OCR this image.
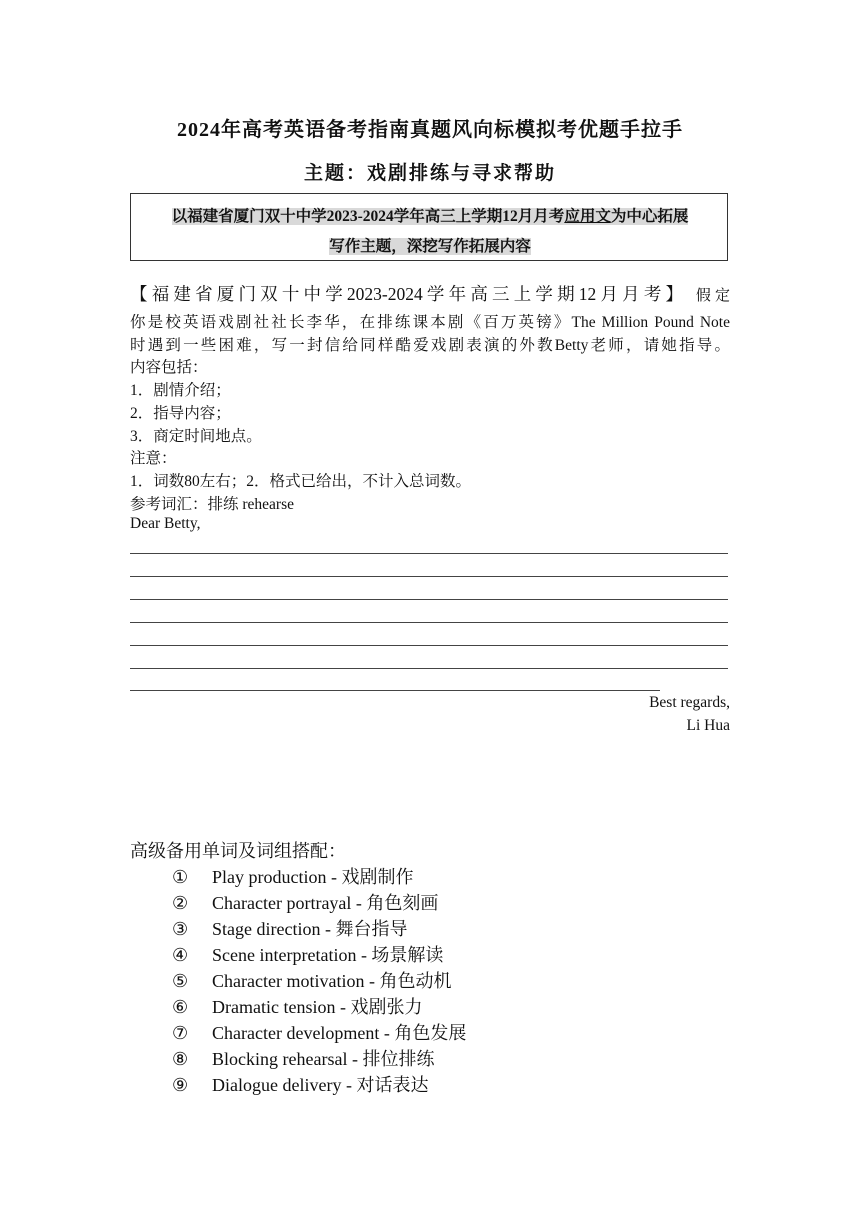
2024年高考英语备考指南真题风向标模拟考优题手拉手
主题：戏剧排练与寻求帮助
以福建省厦门双十中学2023-2024学年高三上学期12月月考应用文为中心拓展
写作主题，深挖写作拓展内容
【福建省厦门双十中学2023-2024学年高三上学期12月月考】 假定
你是校英语戏剧社社长李华，在排练课本剧《百万英镑》The Million Pound Note
时遇到一些困难，写一封信给同样酷爱戏剧表演的外教Betty老师，请她指导。
内容包括：
1．剧情介绍；
2．指导内容；
3．商定时间地点。
注意：
1．词数80左右；2．格式已给出，不计入总词数。
参考词汇：排练 rehearse
Dear Betty,
Best regards,
Li Hua
高级备用单词及词组搭配：
① Play production - 戏剧制作
② Character portrayal - 角色刻画
③ Stage direction - 舞台指导
④ Scene interpretation - 场景解读
⑤ Character motivation - 角色动机
⑥ Dramatic tension - 戏剧张力
⑦ Character development - 角色发展
⑧ Blocking rehearsal - 排位排练
⑨ Dialogue delivery - 对话表达
